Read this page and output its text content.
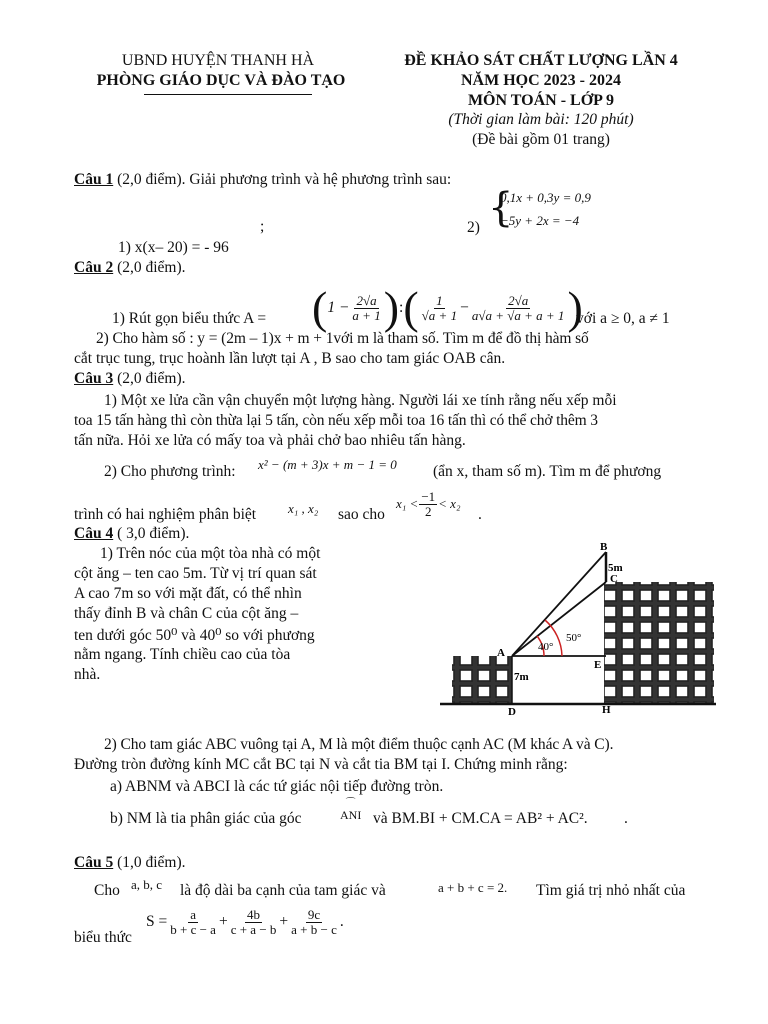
UBND HUYỆN THANH HÀ
PHÒNG GIÁO DỤC VÀ ĐÀO TẠO
ĐỀ KHẢO SÁT CHẤT LƯỢNG LẦN 4
NĂM HỌC 2023 - 2024
MÔN TOÁN - LỚP 9
(Thời gian làm bài: 120 phút)
(Đề bài gồm 01 trang)
Câu 1 (2,0 điểm). Giải phương trình và hệ phương trình sau:
{
0,1x + 0,3y = 0,9
−5y + 2x = −4
;	2)
1) x(x– 20) = - 96
Câu 2 (2,0 điểm).
1) Rút gọn biểu thức A = ( $1 - \frac{2√a}{a + 1}$ ) : ( $\frac{1}{√a + 1} - \frac{2√a}{a√a + √a + a + 1}$ )
với a ≥ 0, a ≠ 1
2) Cho hàm số : y = (2m – 1)x + m + 1với m là tham số. Tìm m để đồ thị hàm số
cắt trục tung, trục hoành lần lượt tại A , B sao cho tam giác OAB cân.
Câu 3 (2,0 điểm).
1) Một xe lửa cần vận chuyển một lượng hàng. Người lái xe tính rằng nếu xếp mỗi
toa 15 tấn hàng thì còn thừa lại 5 tấn, còn nếu xếp mỗi toa 16 tấn thì có thể chở thêm 3
tấn nữa. Hỏi xe lửa có mấy toa và phải chở bao nhiêu tấn hàng.
2) Cho phương trình: x² − (m + 3)x + m − 1 = 0 (ẩn x, tham số m). Tìm m để phương
trình có hai nghiệm phân biệt x₁ , x₂ sao cho
$x_1 < \frac{-1}{2} < x_2$
.
Câu 4 ( 3,0 điểm).
1) Trên nóc của một tòa nhà có một
cột ăng – ten cao 5m. Từ vị trí quan sát
A cao 7m so với mặt đất, có thể nhìn
thấy đỉnh B và chân C của cột ăng –
ten dưới góc 50⁰ và 40⁰ so với phương
nằm ngang. Tính chiều cao của tòa
nhà.
B
5m
C
A
E
7m
D	H
40°
50°
2) Cho tam giác ABC vuông tại A, M là một điểm thuộc cạnh AC (M khác A và C).
Đường tròn đường kính MC cắt BC tại N và cắt tia BM tại I. Chứng minh rằng:
a) ABNM và ABCI là các tứ giác nội tiếp đường tròn.
b) NM là tia phân giác của góc
⌒
ANI và BM.BI + CM.CA = AB² + AC². .
Câu 5 (1,0 điểm).
Cho a, b, c là độ dài ba cạnh của tam giác và	a + b + c = 2. Tìm giá trị nhỏ nhất của
biểu thức
$S = \frac{a}{b + c - a} + \frac{4b}{c + a - b} + \frac{9c}{a + b - c}$ .
